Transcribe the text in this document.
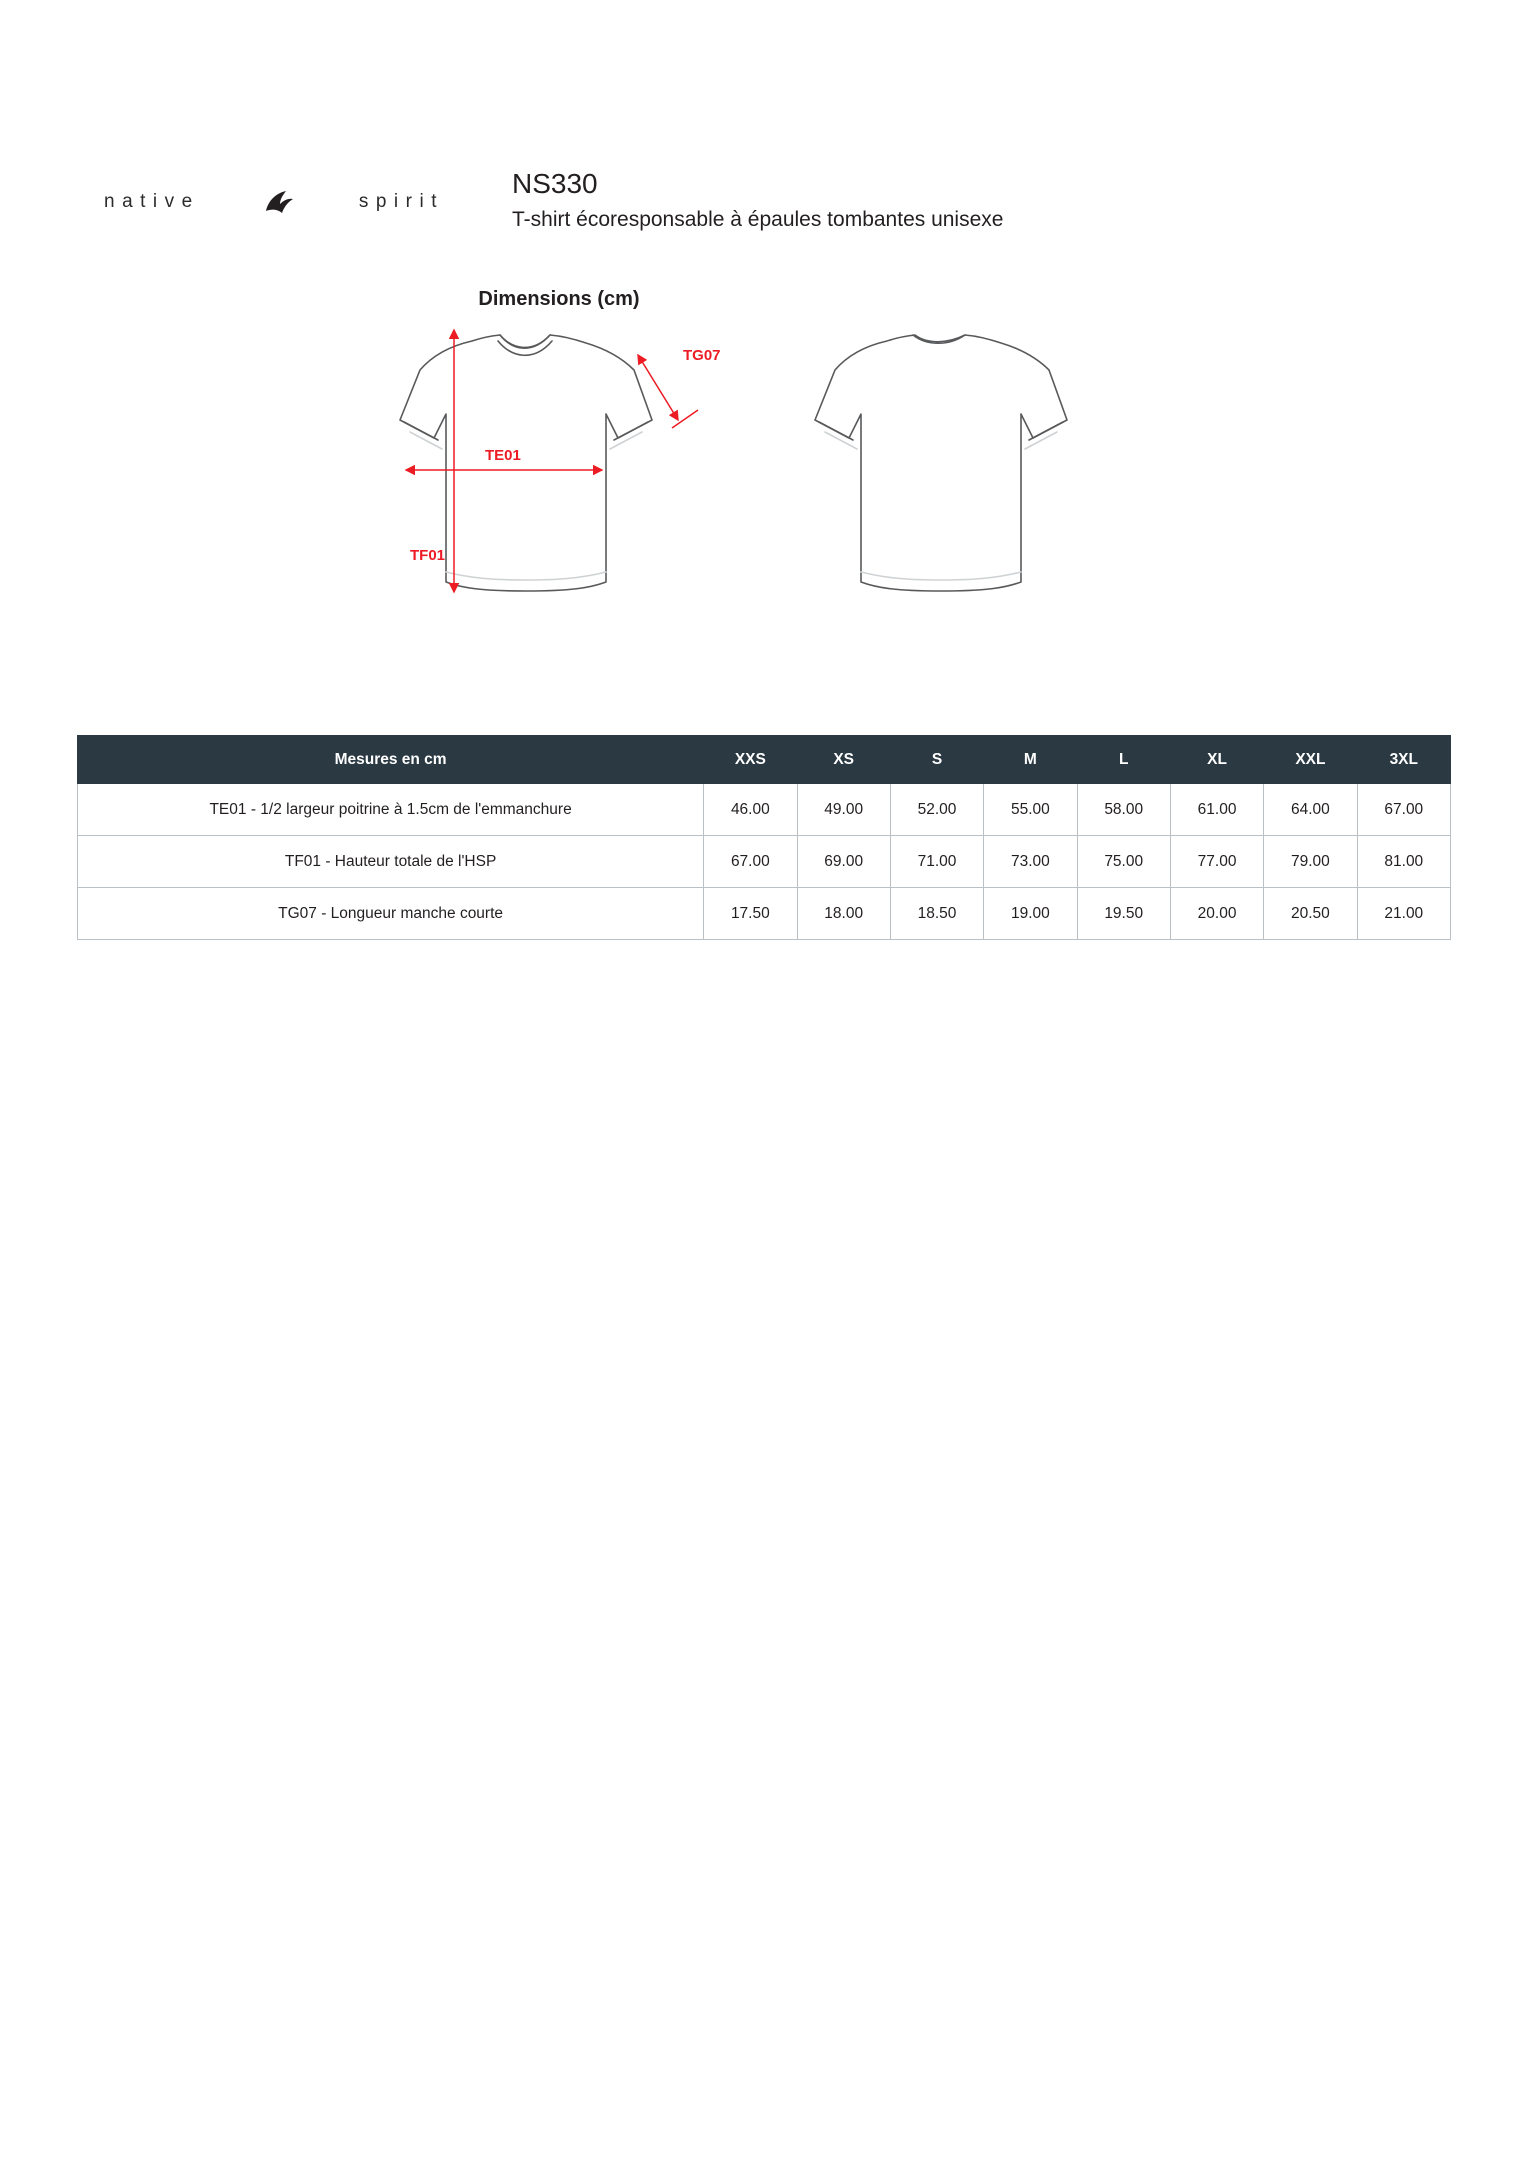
native	spirit
NS330
T-shirt écoresponsable à épaules tombantes unisexe
Dimensions (cm)
TG07
TE01
TF01
Mesures en cm	XXS	XS	S	M	L	XL	XXL	3XL
TE01 - 1/2 largeur poitrine à 1.5cm de l'emmanchure	46.00	49.00	52.00	55.00	58.00	61.00	64.00	67.00
TF01 - Hauteur totale de l'HSP	67.00	69.00	71.00	73.00	75.00	77.00	79.00	81.00
TG07 - Longueur manche courte	17.50	18.00	18.50	19.00	19.50	20.00	20.50	21.00
